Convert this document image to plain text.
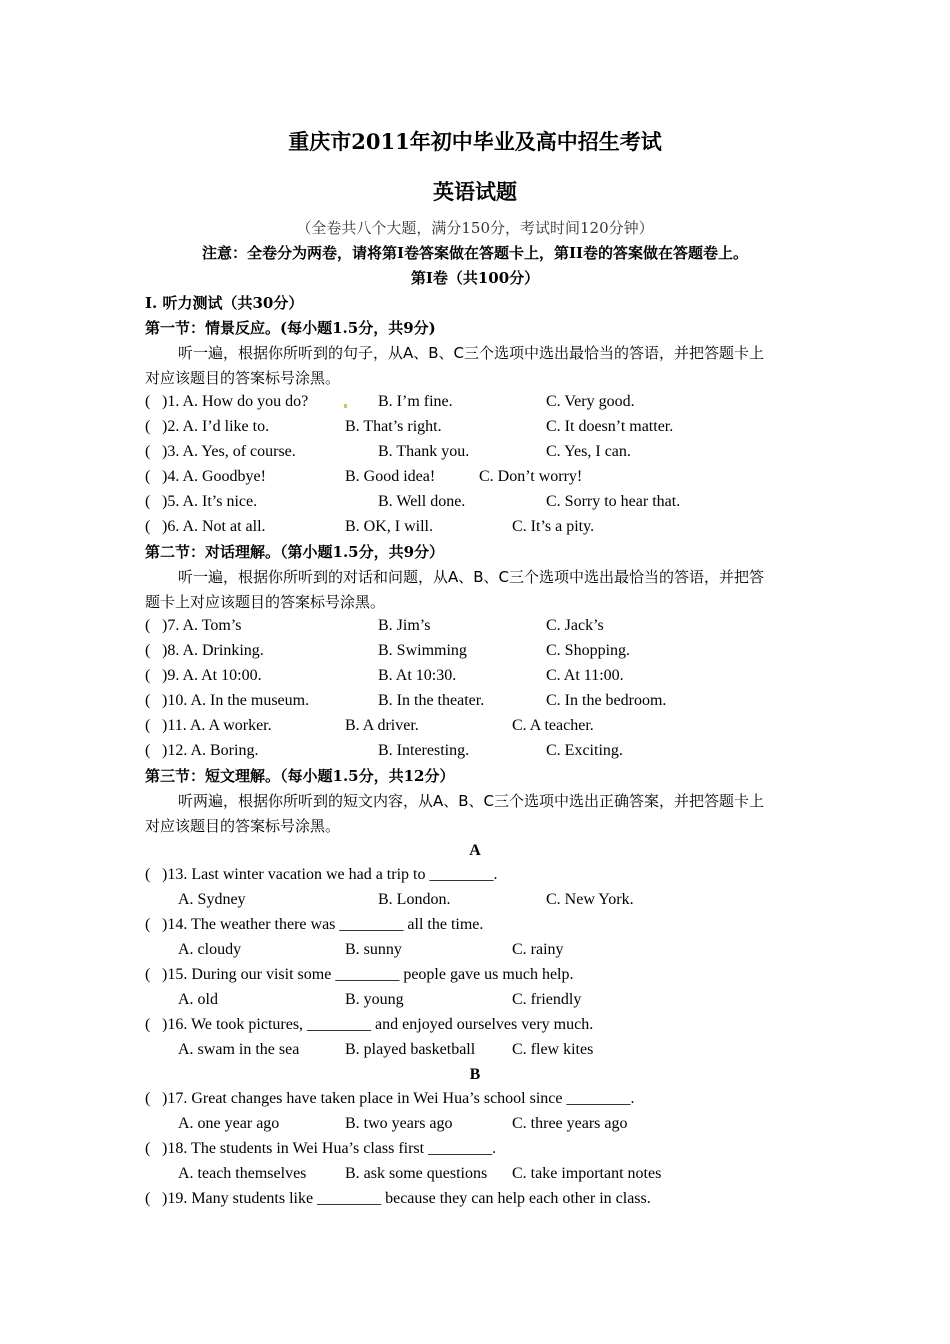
重庆市2011年初中毕业及高中招生考试
英语试题
（全卷共八个大题，满分150分，考试时间120分钟）
注意：全卷分为两卷，请将第I卷答案做在答题卡上，第II卷的答案做在答题卷上。
第I卷（共100分）
I. 听力测试（共30分）
第一节：情景反应。(每小题1.5分，共9分)
听一遍，根据你所听到的句子，从A、B、C三个选项中选出最恰当的答语，并把答题卡上
对应该题目的答案标号涂黑。
( )1. A. How do you do?	B. I’m fine.	C. Very good.
( )2. A. I’d like to.	B. That’s right.	C. It doesn’t matter.
( )3. A. Yes, of course.	B. Thank you.	C. Yes, I can.
( )4. A. Goodbye!	B. Good idea!	C. Don’t worry!
( )5. A. It’s nice.	B. Well done.	C. Sorry to hear that.
( )6. A. Not at all.	B. OK, I will.	C. It’s a pity.
第二节：对话理解。（第小题1.5分，共9分）
听一遍，根据你所听到的对话和问题，从A、B、C三个选项中选出最恰当的答语，并把答
题卡上对应该题目的答案标号涂黑。
( )7. A. Tom’s	B. Jim’s	C. Jack’s
( )8. A. Drinking.	B. Swimming	C. Shopping.
( )9. A. At 10:00.	B. At 10:30.	C. At 11:00.
( )10. A. In the museum.	B. In the theater.	C. In the bedroom.
( )11. A. A worker.	B. A driver.	C. A teacher.
( )12. A. Boring.	B. Interesting.	C. Exciting.
第三节：短文理解。（每小题1.5分，共12分）
听两遍，根据你所听到的短文内容，从A、B、C三个选项中选出正确答案，并把答题卡上
对应该题目的答案标号涂黑。
A
( )13. Last winter vacation we had a trip to ________.
A. Sydney	B. London.	C. New York.
( )14. The weather there was ________ all the time.
A. cloudy	B. sunny	C. rainy
( )15. During our visit some ________ people gave us much help.
A. old	B. young	C. friendly
( )16. We took pictures, ________ and enjoyed ourselves very much.
A. swam in the sea	B. played basketball C. flew kites
B
( )17. Great changes have taken place in Wei Hua’s school since ________.
A. one year ago	B. two years ago	C. three years ago
( )18. The students in Wei Hua’s class first ________.
A. teach themselves B. ask some questions C. take important notes
( )19. Many students like ________ because they can help each other in class.
